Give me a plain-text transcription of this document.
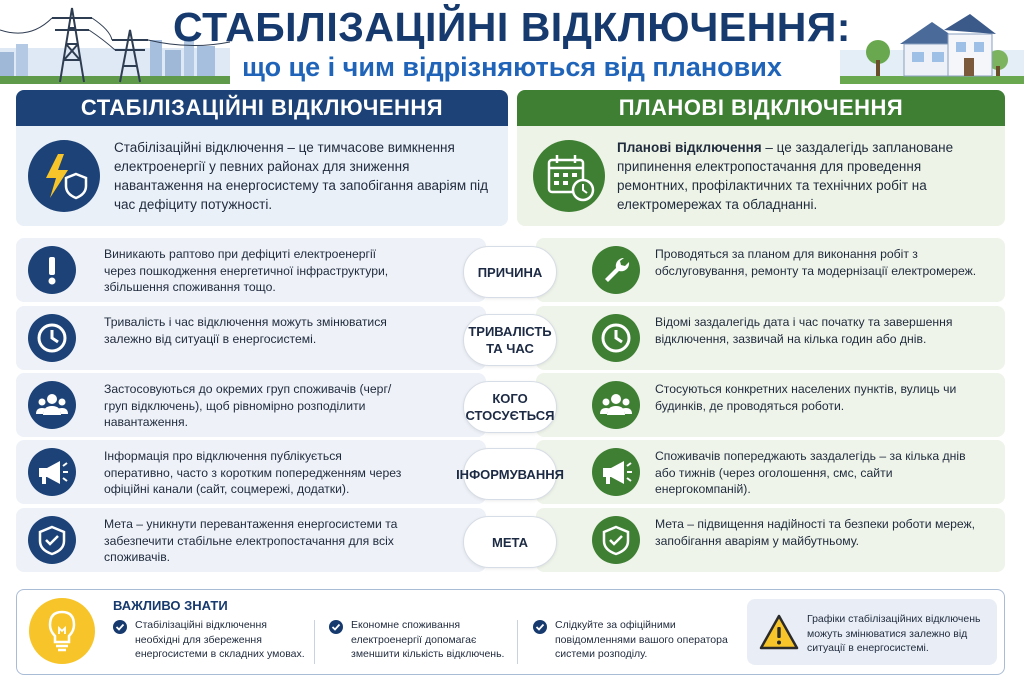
СТАБІЛІЗАЦІЙНІ ВІДКЛЮЧЕННЯ:
що це і чим відрізняються від планових
СТАБІЛІЗАЦІЙНІ ВІДКЛЮЧЕННЯ	ПЛАНОВІ ВІДКЛЮЧЕННЯ
Стабілізаційні відключення – це тимчасове вимкнення електроенергії у певних районах для зниження навантаження на енергосистему та запобігання аваріям під час дефіциту потужності.
Планові відключення – це заздалегідь заплановане припинення електропостачання для проведення ремонтних, профілактичних та технічних робіт на електромережах та обладнанні.
Виникають раптово при дефіциті електроенергії через пошкодження енергетичної інфраструктури, збільшення споживання тощо.
Проводяться за планом для виконання робіт з обслуговування, ремонту та модернізації електромереж.
ПРИЧИНА
Тривалість і час відключення можуть змінюватися залежно від ситуації в енергосистемі.
Відомі заздалегідь дата і час початку та завершення відключення, зазвичай на кілька годин або днів.
ТРИВАЛІСТЬ ТА ЧАС
Застосовуються до окремих груп споживачів (черг/груп відключень), щоб рівномірно розподілити навантаження.
Стосуються конкретних населених пунктів, вулиць чи будинків, де проводяться роботи.
КОГО СТОСУЄТЬСЯ
Інформація про відключення публікується оперативно, часто з коротким попередженням через офіційні канали (сайт, соцмережі, додатки).
Споживачів попереджають заздалегідь – за кілька днів або тижнів (через оголошення, смс, сайти енергокомпаній).
ІНФОРМУВАННЯ
Мета – уникнути перевантаження енергосистеми та забезпечити стабільне електропостачання для всіх споживачів.
Мета – підвищення надійності та безпеки роботи мереж, запобігання аваріям у майбутньому.
МЕТА
ВАЖЛИВО ЗНАТИ
Стабілізаційні відключення необхідні для збереження енергосистеми в складних умовах.
Економне споживання електроенергії допомагає зменшити кількість відключень.
Слідкуйте за офіційними повідомленнями вашого оператора системи розподілу.
Графіки стабілізаційних відключень можуть змінюватися залежно від ситуації в енергосистемі.
